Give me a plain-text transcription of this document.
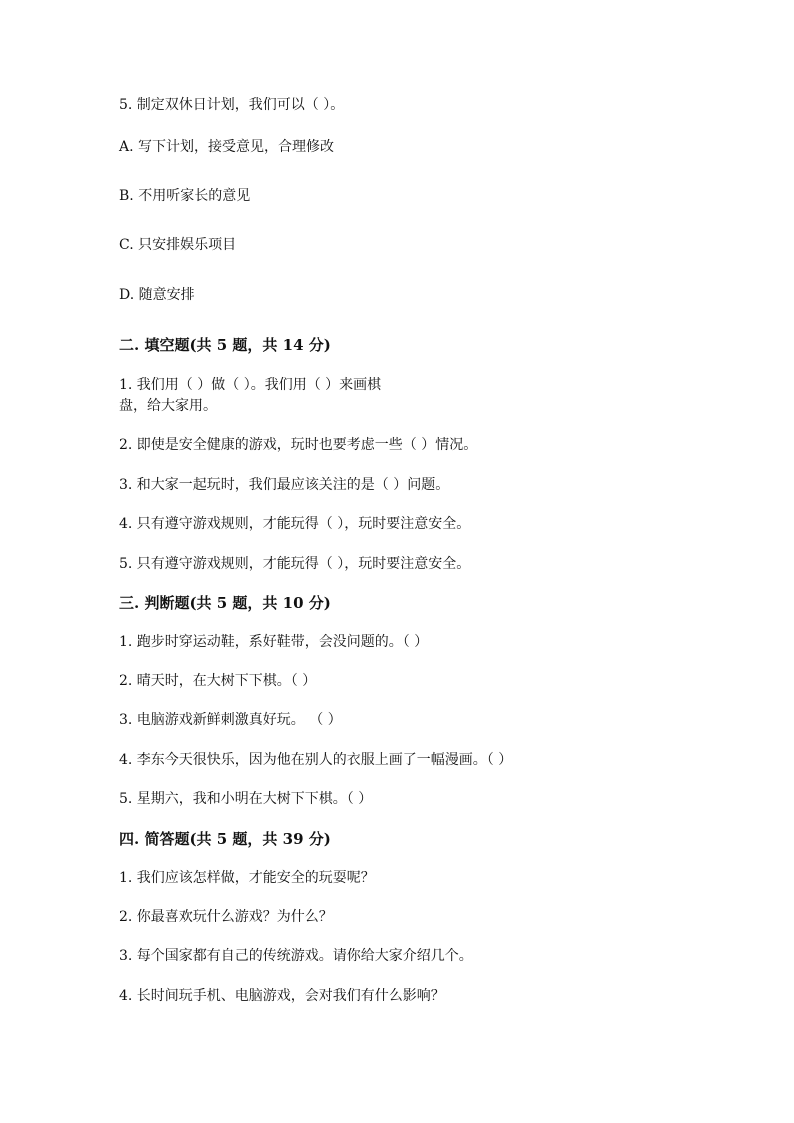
5. 制定双休日计划，我们可以（ ）。

A. 写下计划，接受意见，合理修改

B. 不用听家长的意见

C. 只安排娱乐项目

D. 随意安排

二. 填空题(共 5 题，共 14 分)

1. 我们用（ ）做（ ）。我们用（ ）来画棋

盘，给大家用。

2. 即使是安全健康的游戏，玩时也要考虑一些（ ）情况。

3. 和大家一起玩时，我们最应该关注的是（ ）问题。

4. 只有遵守游戏规则，才能玩得（ ），玩时要注意安全。

5. 只有遵守游戏规则，才能玩得（ ），玩时要注意安全。

三. 判断题(共 5 题，共 10 分)

1. 跑步时穿运动鞋，系好鞋带，会没问题的。（ ）

2. 晴天时，在大树下下棋。（ ）

3. 电脑游戏新鲜刺激真好玩。 （ ）

4. 李东今天很快乐，因为他在别人的衣服上画了一幅漫画。（ ）

5. 星期六，我和小明在大树下下棋。（ ）

四. 简答题(共 5 题，共 39 分)

1. 我们应该怎样做，才能安全的玩耍呢？

2. 你最喜欢玩什么游戏？为什么？

3. 每个国家都有自己的传统游戏。请你给大家介绍几个。

4. 长时间玩手机、电脑游戏，会对我们有什么影响？
